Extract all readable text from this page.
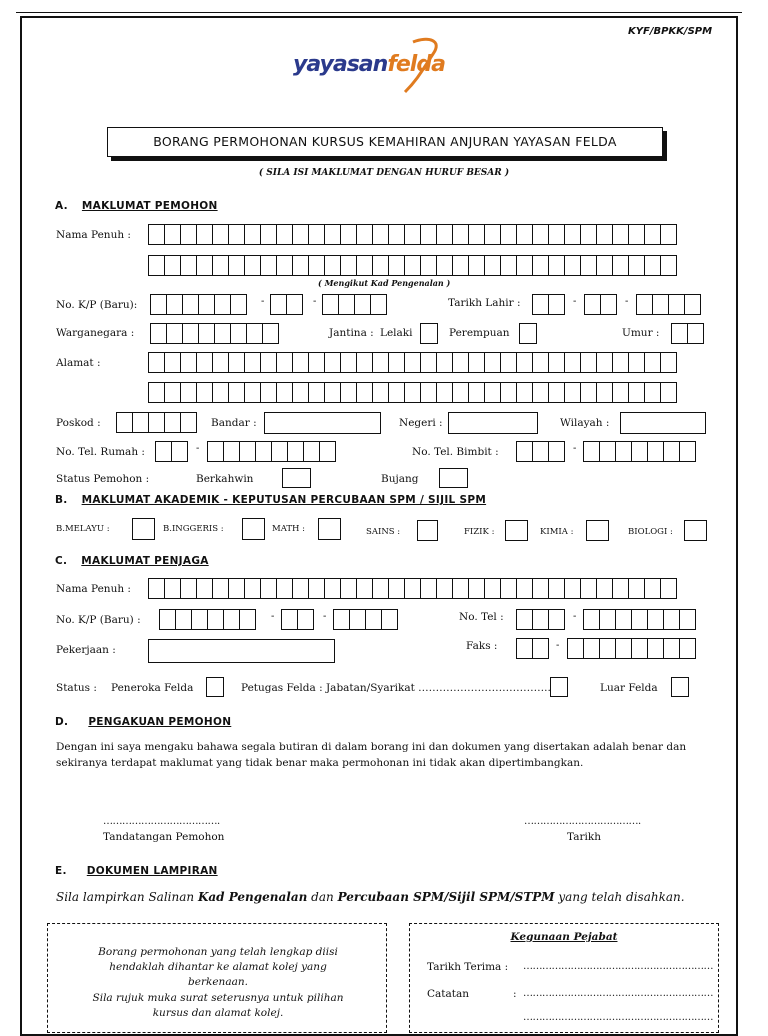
KYF/BPKK/SPM
yayasanfelda
BORANG PERMOHONAN KURSUS KEMAHIRAN ANJURAN YAYASAN FELDA
( SILA ISI MAKLUMAT DENGAN HURUF BESAR )
A. MAKLUMAT PEMOHON
Nama Penuh :
( Mengikut Kad Pengenalan )
No. K/P (Baru):	-	-	Tarikh Lahir :	-	-
Warganegara :	Jantina : Lelaki	Perempuan	Umur :
Alamat :
Poskod :	Bandar :	Negeri :	Wilayah :
No. Tel. Rumah :	-	No. Tel. Bimbit :	-
Status Pemohon :	Berkahwin	Bujang
B. MAKLUMAT AKADEMIK - KEPUTUSAN PERCUBAAN SPM / SIJIL SPM
B.MELAYU :	B.INGGERIS :	MATH :	SAINS :	FIZIK :	KIMIA :	BIOLOGI :
C. MAKLUMAT PENJAGA
Nama Penuh :
No. K/P (Baru) :	-	-	No. Tel :	-
Pekerjaan :	Faks :	-
Status : Peneroka Felda	Petugas Felda : Jabatan/Syarikat ………………………………..	Luar Felda
D. PENGAKUAN PEMOHON
Dengan ini saya mengaku bahawa segala butiran di dalam borang ini dan dokumen yang disertakan adalah benar dan sekiranya terdapat maklumat yang tidak benar maka permohonan ini tidak akan dipertimbangkan.
……………………………….
Tandatangan Pemohon
……………………………….
Tarikh
E. DOKUMEN LAMPIRAN
Sila lampirkan Salinan Kad Pengenalan dan Percubaan SPM/Sijil SPM/STPM yang telah disahkan.
Borang permohonan yang telah lengkap diisi hendaklah dihantar ke alamat kolej yang berkenaan.
Sila rujuk muka surat seterusnya untuk pilihan kursus dan alamat kolej.
Kegunaan Pejabat
Tarikh Terima : ……………………………………………………
Catatan	: ……………………………………………………
……………………………………………………
